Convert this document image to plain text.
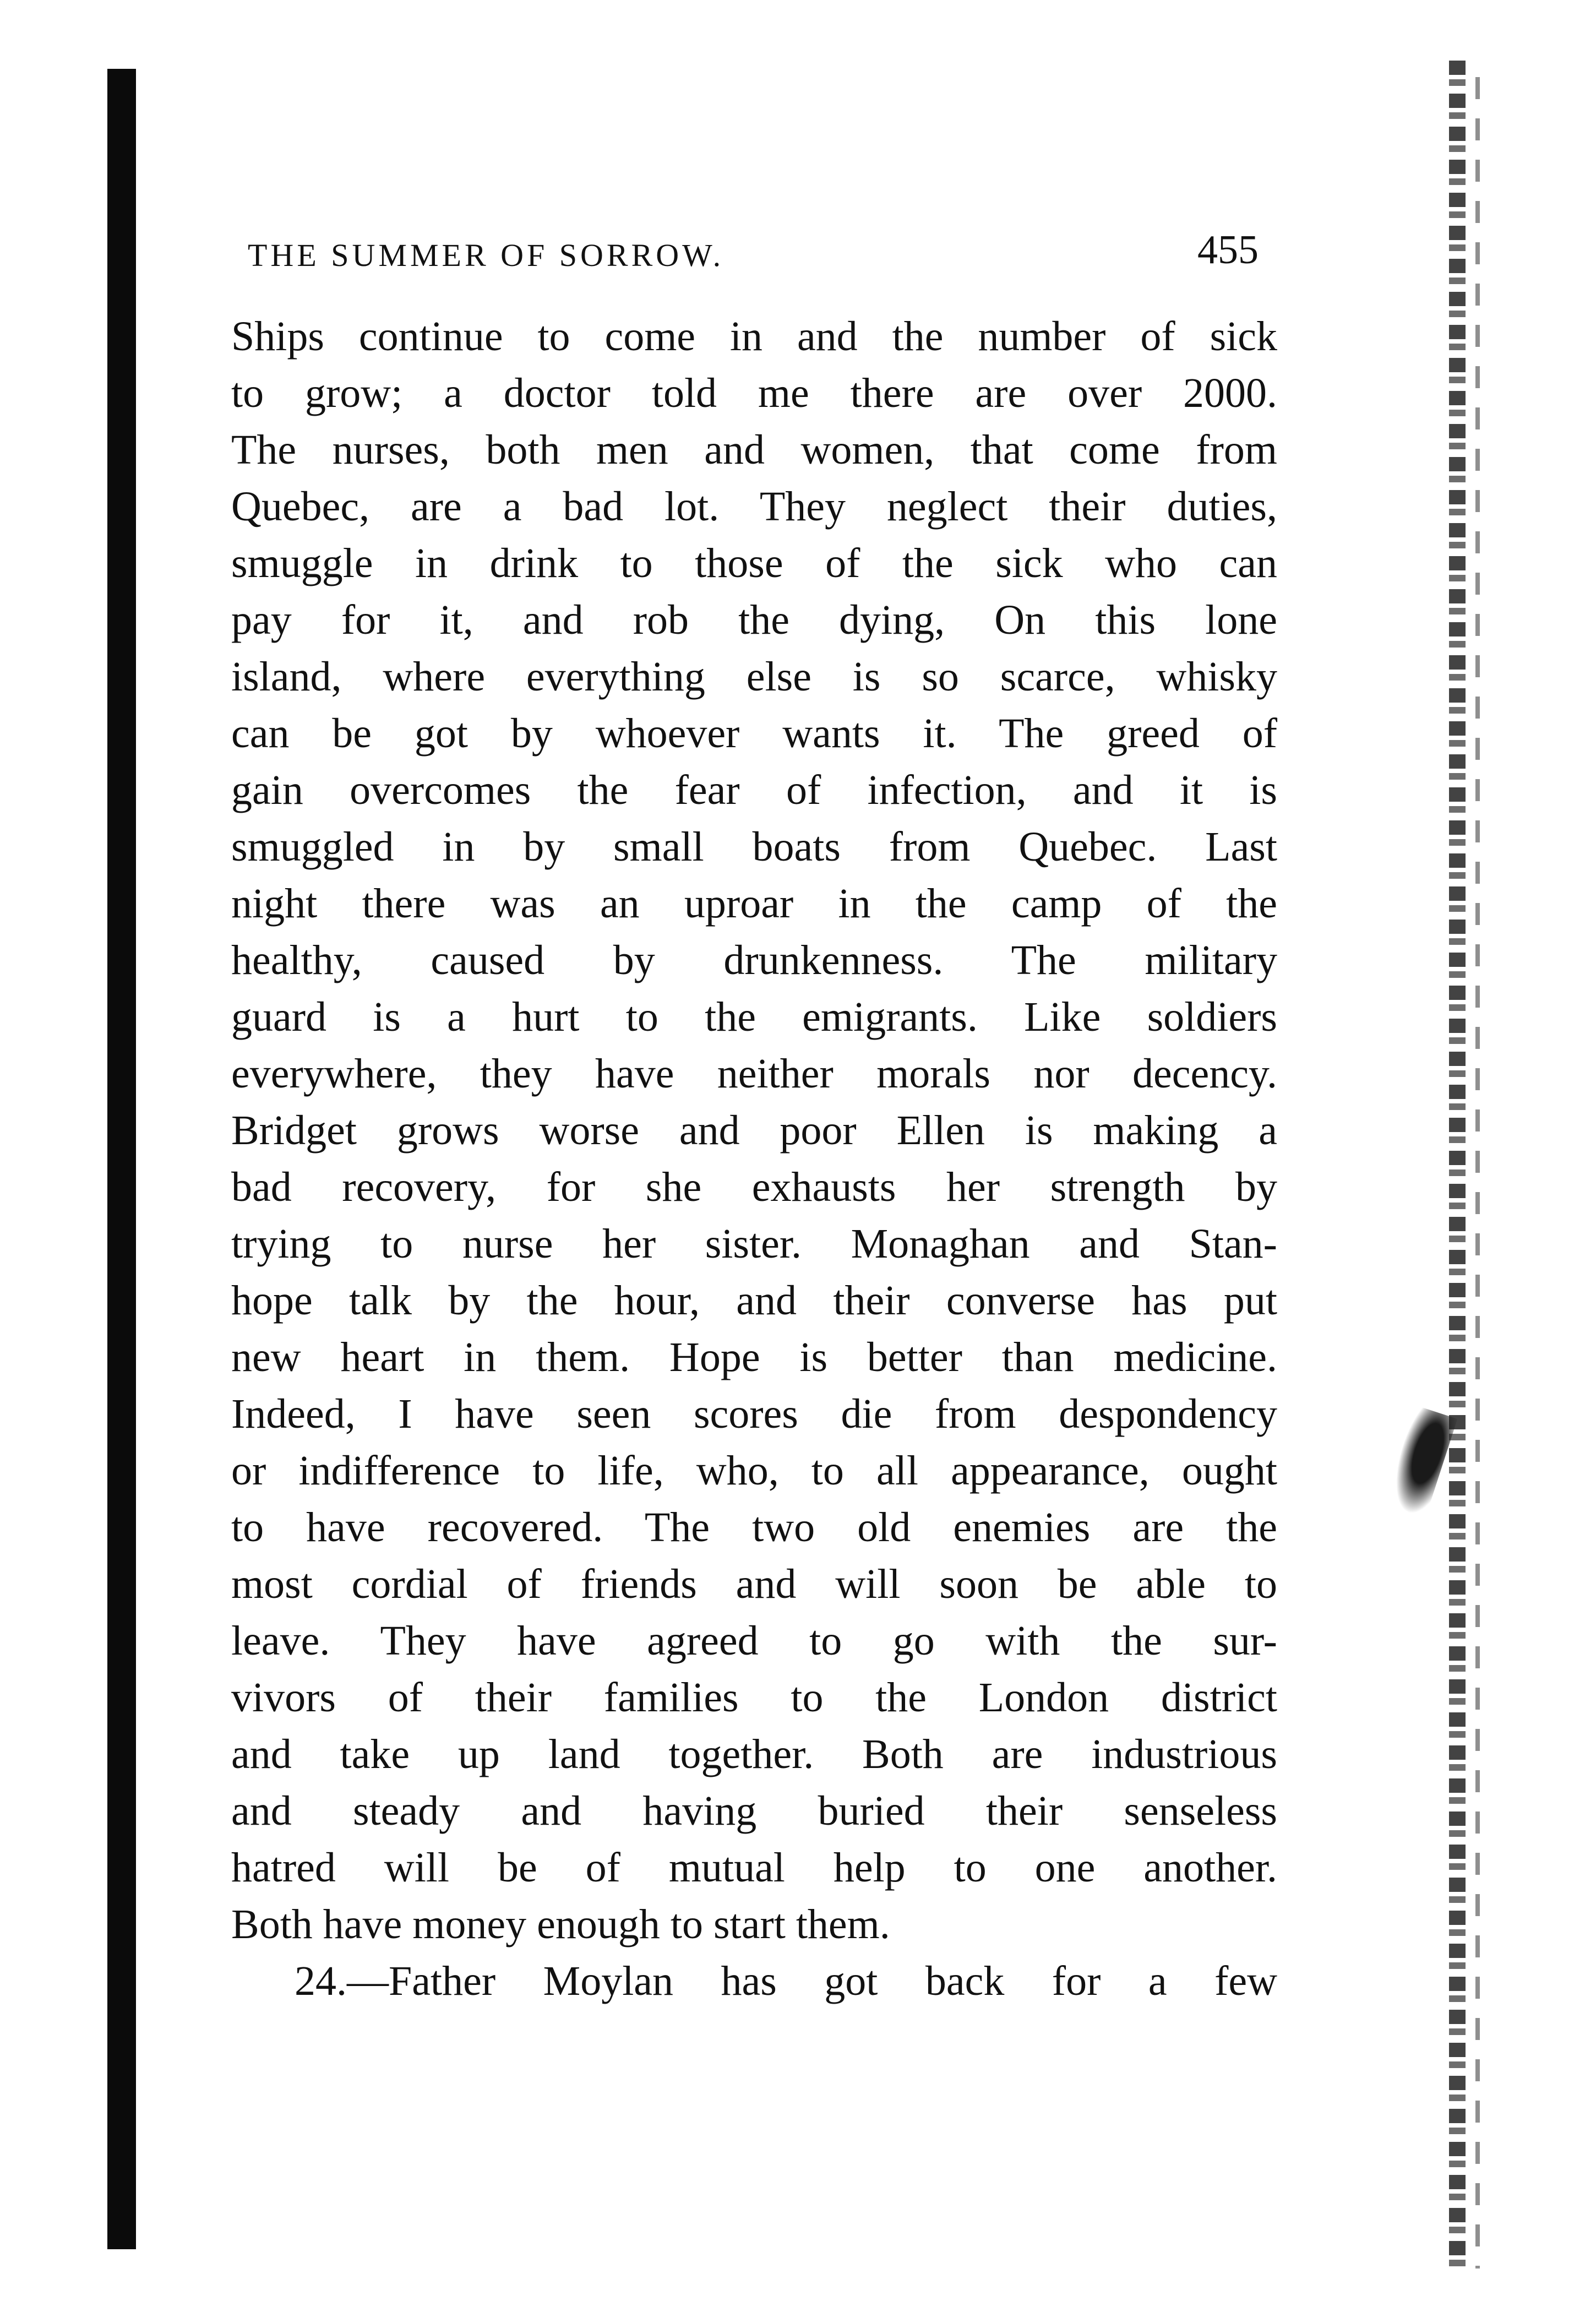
THE SUMMER OF SORROW.	455
Ships continue to come in and the number of sick
to grow; a doctor told me there are over 2000.
The nurses, both men and women, that come from
Quebec, are a bad lot. They neglect their duties,
smuggle in drink to those of the sick who can
pay for it, and rob the dying, On this lone
island, where everything else is so scarce, whisky
can be got by whoever wants it. The greed of
gain overcomes the fear of infection, and it is
smuggled in by small boats from Quebec. Last
night there was an uproar in the camp of the
healthy, caused by drunkenness. The military
guard is a hurt to the emigrants. Like soldiers
everywhere, they have neither morals nor decency.
Bridget grows worse and poor Ellen is making a
bad recovery, for she exhausts her strength by
trying to nurse her sister. Monaghan and Stan-
hope talk by the hour, and their converse has put
new heart in them. Hope is better than medicine.
Indeed, I have seen scores die from despondency
or indifference to life, who, to all appearance, ought
to have recovered. The two old enemies are the
most cordial of friends and will soon be able to
leave. They have agreed to go with the sur-
vivors of their families to the London district
and take up land together. Both are industrious
and steady and having buried their senseless
hatred will be of mutual help to one another.
Both have money enough to start them.
24.—Father Moylan has got back for a few
